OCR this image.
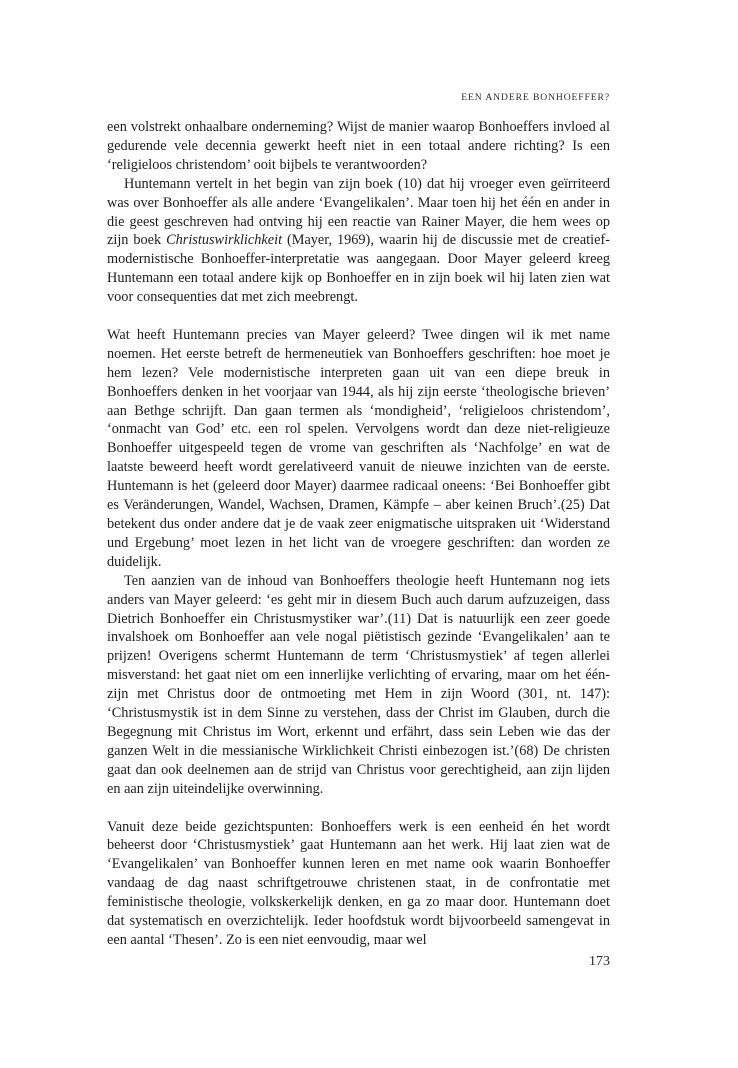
EEN ANDERE BONHOEFFER?

een volstrekt onhaalbare onderneming? Wijst de manier waarop Bonhoeffers invloed al gedurende vele decennia gewerkt heeft niet in een totaal andere richting? Is een ‘religieloos christendom’ ooit bijbels te verantwoorden?

Huntemann vertelt in het begin van zijn boek (10) dat hij vroeger even geïrriteerd was over Bonhoeffer als alle andere ‘Evangelikalen’. Maar toen hij het één en ander in die geest geschreven had ontving hij een reactie van Rainer Mayer, die hem wees op zijn boek Christuswirklichkeit (Mayer, 1969), waarin hij de discussie met de creatief-modernistische Bonhoeffer-interpretatie was aangegaan. Door Mayer geleerd kreeg Huntemann een totaal andere kijk op Bonhoeffer en in zijn boek wil hij laten zien wat voor consequenties dat met zich meebrengt.

Wat heeft Huntemann precies van Mayer geleerd? Twee dingen wil ik met name noemen. Het eerste betreft de hermeneutiek van Bonhoeffers geschriften: hoe moet je hem lezen? Vele modernistische interpreten gaan uit van een diepe breuk in Bonhoeffers denken in het voorjaar van 1944, als hij zijn eerste ‘theologische brieven’ aan Bethge schrijft. Dan gaan termen als ‘mondigheid’, ‘religieloos christendom’, ‘onmacht van God’ etc. een rol spelen. Vervolgens wordt dan deze niet-religieuze Bonhoeffer uitgespeeld tegen de vrome van geschriften als ‘Nachfolge’ en wat de laatste beweerd heeft wordt gerelativeerd vanuit de nieuwe inzichten van de eerste. Huntemann is het (geleerd door Mayer) daarmee radicaal oneens: ‘Bei Bonhoeffer gibt es Veränderungen, Wandel, Wachsen, Dramen, Kämpfe – aber keinen Bruch’.(25) Dat betekent dus onder andere dat je de vaak zeer enigmatische uitspraken uit ‘Widerstand und Ergebung’ moet lezen in het licht van de vroegere geschriften: dan worden ze duidelijk.

Ten aanzien van de inhoud van Bonhoeffers theologie heeft Huntemann nog iets anders van Mayer geleerd: ‘es geht mir in diesem Buch auch darum aufzuzeigen, dass Dietrich Bonhoeffer ein Christusmystiker war’.(11) Dat is natuurlijk een zeer goede invalshoek om Bonhoeffer aan vele nogal piëtistisch gezinde ‘Evangelikalen’ aan te prijzen! Overigens schermt Huntemann de term ‘Christusmystiek’ af tegen allerlei misverstand: het gaat niet om een innerlijke verlichting of ervaring, maar om het één-zijn met Christus door de ontmoeting met Hem in zijn Woord (301, nt. 147): ‘Christusmystik ist in dem Sinne zu verstehen, dass der Christ im Glauben, durch die Begegnung mit Christus im Wort, erkennt und erfährt, dass sein Leben wie das der ganzen Welt in die messianische Wirklichkeit Christi einbezogen ist.’(68) De christen gaat dan ook deelnemen aan de strijd van Christus voor gerechtigheid, aan zijn lijden en aan zijn uiteindelijke overwinning.

Vanuit deze beide gezichtspunten: Bonhoeffers werk is een eenheid én het wordt beheerst door ‘Christusmystiek’ gaat Huntemann aan het werk. Hij laat zien wat de ‘Evangelikalen’ van Bonhoeffer kunnen leren en met name ook waarin Bonhoeffer vandaag de dag naast schriftgetrouwe christenen staat, in de confrontatie met feministische theologie, volkskerkelijk denken, en ga zo maar door. Huntemann doet dat systematisch en overzichtelijk. Ieder hoofdstuk wordt bijvoorbeeld samengevat in een aantal ‘Thesen’. Zo is een niet eenvoudig, maar wel

173
